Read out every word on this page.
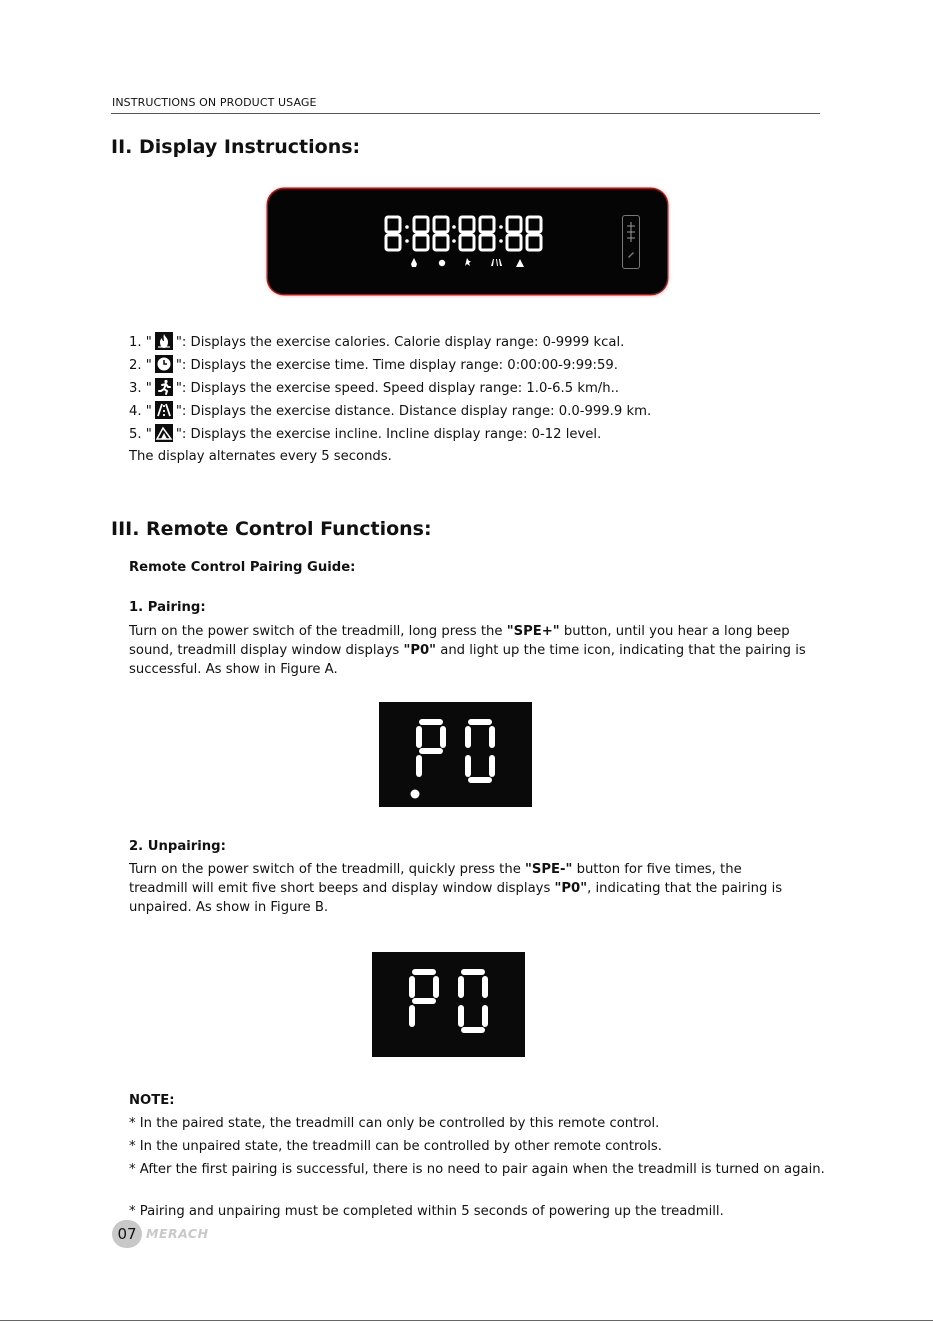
INSTRUCTIONS ON PRODUCT USAGE
II. Display Instructions:
1. " ": Displays the exercise calories. Calorie display range: 0-9999 kcal.
2. " ": Displays the exercise time. Time display range: 0:00:00-9:99:59.
3. " ": Displays the exercise speed. Speed display range: 1.0-6.5 km/h..
4. " ": Displays the exercise distance. Distance display range: 0.0-999.9 km.
5. " ": Displays the exercise incline. Incline display range: 0-12 level.
The display alternates every 5 seconds.
III. Remote Control Functions:
Remote Control Pairing Guide:
1. Pairing:
Turn on the power switch of the treadmill, long press the "SPE+" button, until you hear a long beep sound, treadmill display window displays "P0" and light up the time icon, indicating that the pairing is successful. As show in Figure A.
2. Unpairing:
Turn on the power switch of the treadmill, quickly press the "SPE-" button for five times, the treadmill will emit five short beeps and display window displays "P0", indicating that the pairing is unpaired. As show in Figure B.
NOTE:
* In the paired state, the treadmill can only be controlled by this remote control.
* In the unpaired state, the treadmill can be controlled by other remote controls.
* After the first pairing is successful, there is no need to pair again when the treadmill is turned on again.
* Pairing and unpairing must be completed within 5 seconds of powering up the treadmill.
07 MERACH
